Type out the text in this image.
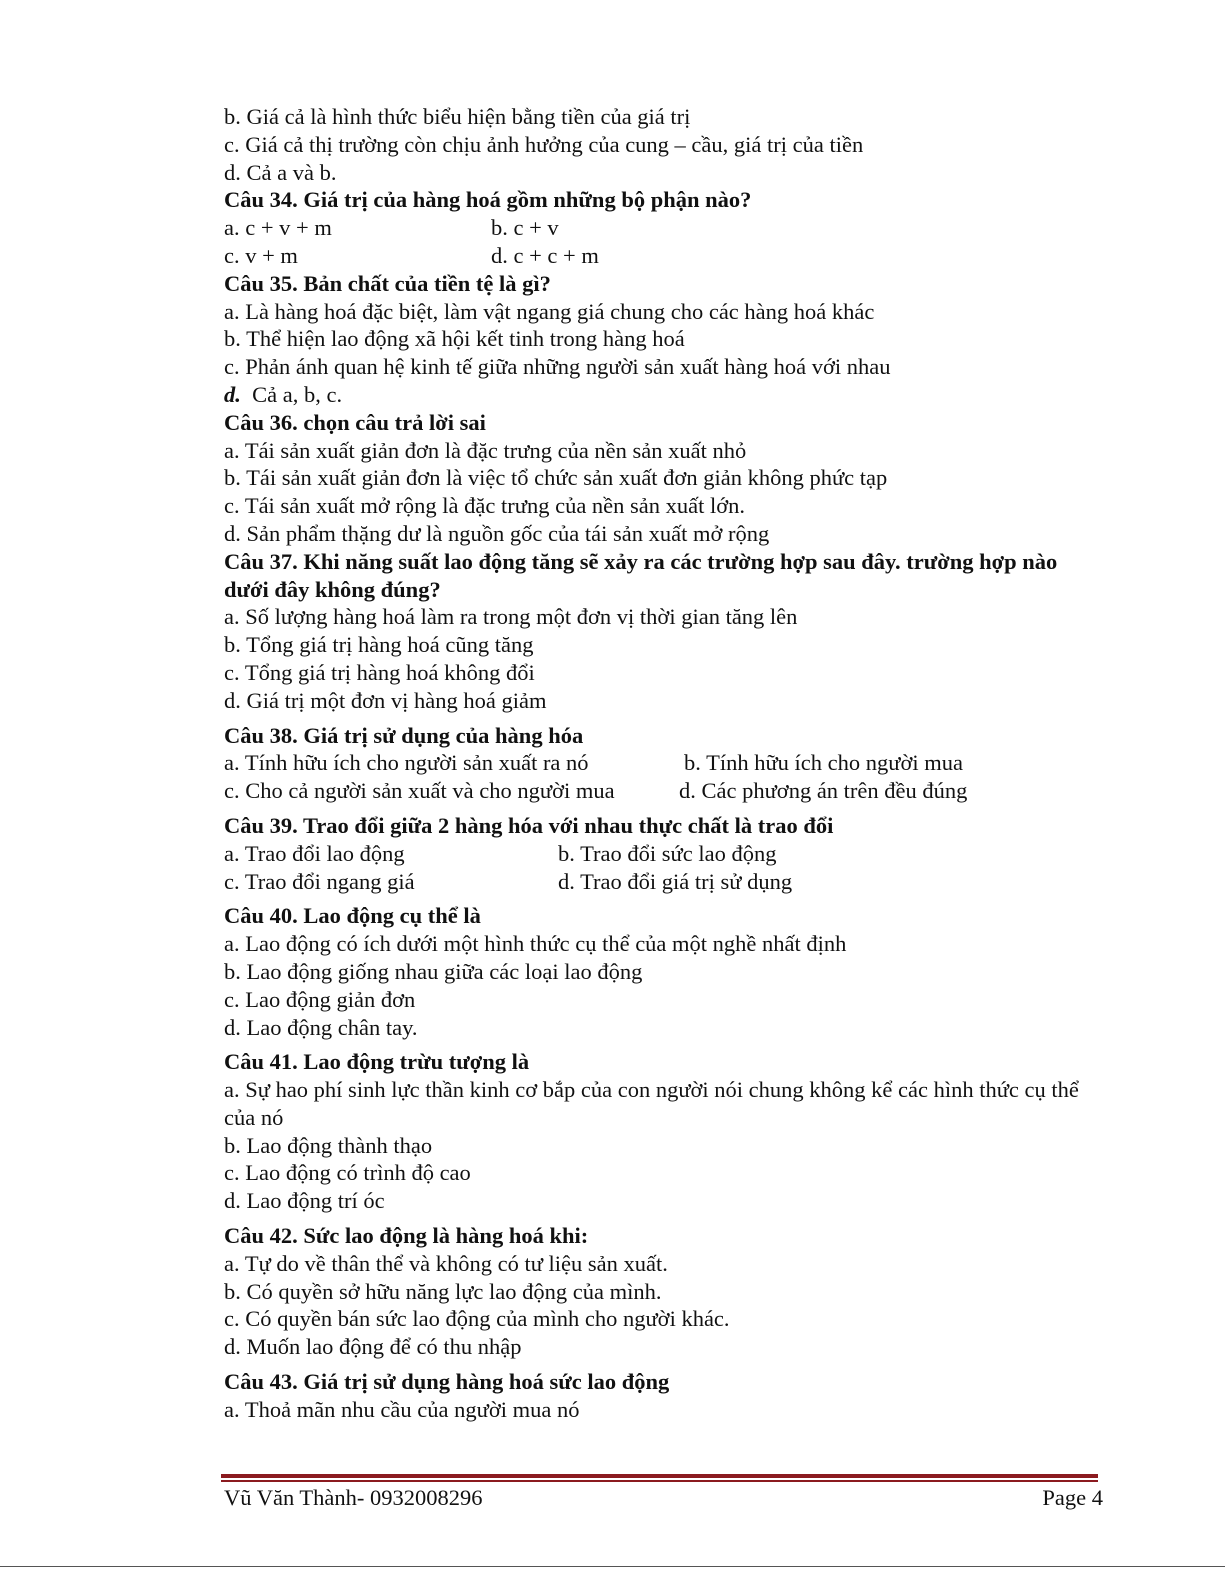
b. Giá cả là hình thức biểu hiện bằng tiền của giá trị
c. Giá cả thị trường còn chịu ảnh hưởng của cung – cầu, giá trị của tiền
d. Cả a và b.
Câu 34. Giá trị của hàng hoá gồm những bộ phận nào?
a. c + v + m	b. c + v
c. v + m	d. c + c + m
Câu 35. Bản chất của tiền tệ là gì?
a. Là hàng hoá đặc biệt, làm vật ngang giá chung cho các hàng hoá khác
b. Thể hiện lao động xã hội kết tinh trong hàng hoá
c. Phản ánh quan hệ kinh tế giữa những người sản xuất hàng hoá với nhau
d. Cả a, b, c.
Câu 36. chọn câu trả lời sai
a. Tái sản xuất giản đơn là đặc trưng của nền sản xuất nhỏ
b. Tái sản xuất giản đơn là việc tổ chức sản xuất đơn giản không phức tạp
c. Tái sản xuất mở rộng là đặc trưng của nền sản xuất lớn.
d. Sản phẩm thặng dư là nguồn gốc của tái sản xuất mở rộng
Câu 37. Khi năng suất lao động tăng sẽ xảy ra các trường hợp sau đây. trường hợp nào dưới đây không đúng?
a. Số lượng hàng hoá làm ra trong một đơn vị thời gian tăng lên
b. Tổng giá trị hàng hoá cũng tăng
c. Tổng giá trị hàng hoá không đổi
d. Giá trị một đơn vị hàng hoá giảm
Câu 38. Giá trị sử dụng của hàng hóa
a. Tính hữu ích cho người sản xuất ra nó	b. Tính hữu ích cho người mua
c. Cho cả người sản xuất và cho người mua	d. Các phương án trên đều đúng
Câu 39. Trao đổi giữa 2 hàng hóa với nhau thực chất là trao đổi
a. Trao đổi lao động	b. Trao đổi sức lao động
c. Trao đổi ngang giá	d. Trao đổi giá trị sử dụng
Câu 40. Lao động cụ thể là
a. Lao động có ích dưới một hình thức cụ thể của một nghề nhất định
b. Lao động giống nhau giữa các loại lao động
c. Lao động giản đơn
d. Lao động chân tay.
Câu 41. Lao động trừu tượng là
a. Sự hao phí sinh lực thần kinh cơ bắp của con người nói chung không kể các hình thức cụ thể của nó
b. Lao động thành thạo
c. Lao động có trình độ cao
d. Lao động trí óc
Câu 42. Sức lao động là hàng hoá khi:
a. Tự do về thân thể và không có tư liệu sản xuất.
b. Có quyền sở hữu năng lực lao động của mình.
c. Có quyền bán sức lao động của mình cho người khác.
d. Muốn lao động để có thu nhập
Câu 43. Giá trị sử dụng hàng hoá sức lao động
a. Thoả mãn nhu cầu của người mua nó
Vũ Văn Thành- 0932008296	Page 4
